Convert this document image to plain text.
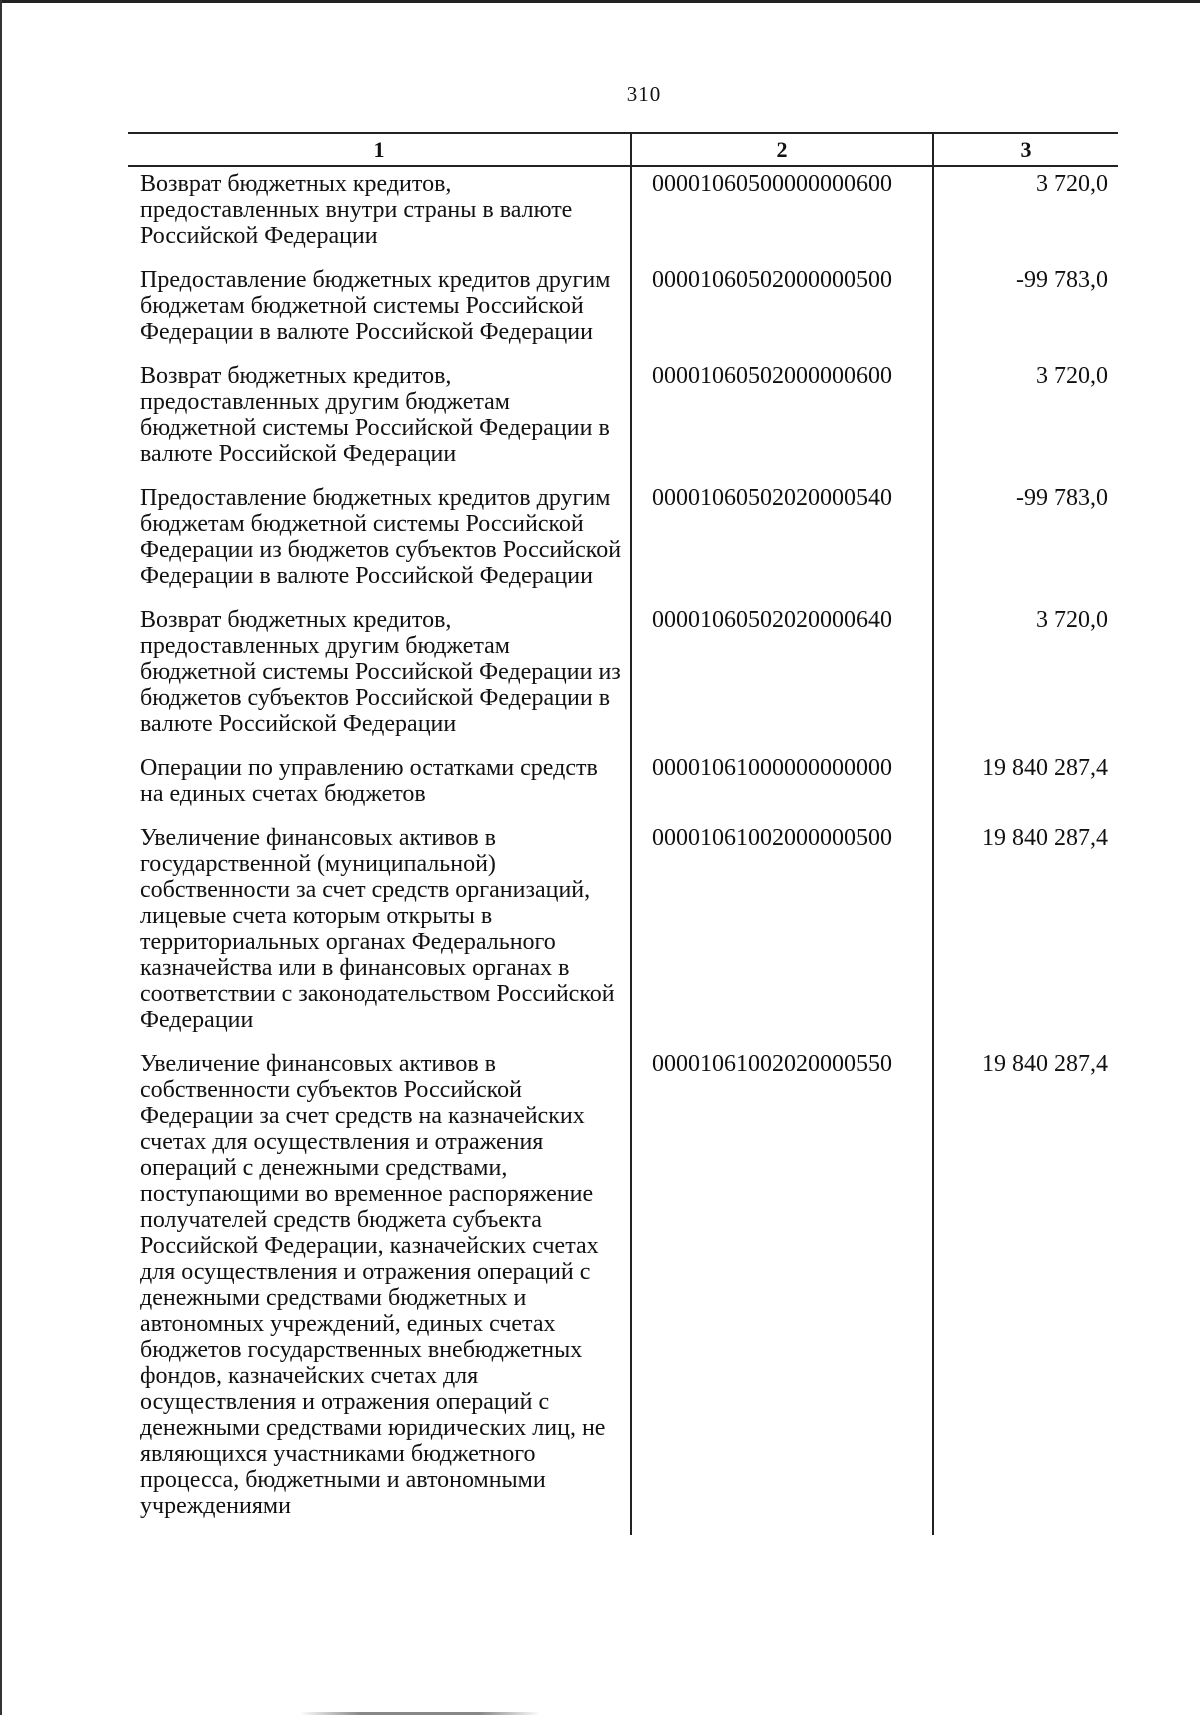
310
1	2	3
Возврат бюджетных кредитов, предоставленных внутри страны в валюте Российской Федерации	00001060500000000600	3 720,0
Предоставление бюджетных кредитов другим бюджетам бюджетной системы Российской Федерации в валюте Российской Федерации	00001060502000000500	-99 783,0
Возврат бюджетных кредитов, предоставленных другим бюджетам бюджетной системы Российской Федерации в валюте Российской Федерации	00001060502000000600	3 720,0
Предоставление бюджетных кредитов другим бюджетам бюджетной системы Российской Федерации из бюджетов субъектов Российской Федерации в валюте Российской Федерации	00001060502020000540	-99 783,0
Возврат бюджетных кредитов, предоставленных другим бюджетам бюджетной системы Российской Федерации из бюджетов субъектов Российской Федерации в валюте Российской Федерации	00001060502020000640	3 720,0
Операции по управлению остатками средств на единых счетах бюджетов	00001061000000000000	19 840 287,4
Увеличение финансовых активов в государственной (муниципальной) собственности за счет средств организаций, лицевые счета которым открыты в территориальных органах Федерального казначейства или в финансовых органах в соответствии с законодательством Российской Федерации	00001061002000000500	19 840 287,4
Увеличение финансовых активов в собственности субъектов Российской Федерации за счет средств на казначейских счетах для осуществления и отражения операций с денежными средствами, поступающими во временное распоряжение получателей средств бюджета субъекта Российской Федерации, казначейских счетах для осуществления и отражения операций с денежными средствами бюджетных и автономных учреждений, единых счетах бюджетов государственных внебюджетных фондов, казначейских счетах для осуществления и отражения операций с денежными средствами юридических лиц, не являющихся участниками бюджетного процесса, бюджетными и автономными учреждениями	00001061002020000550	19 840 287,4
